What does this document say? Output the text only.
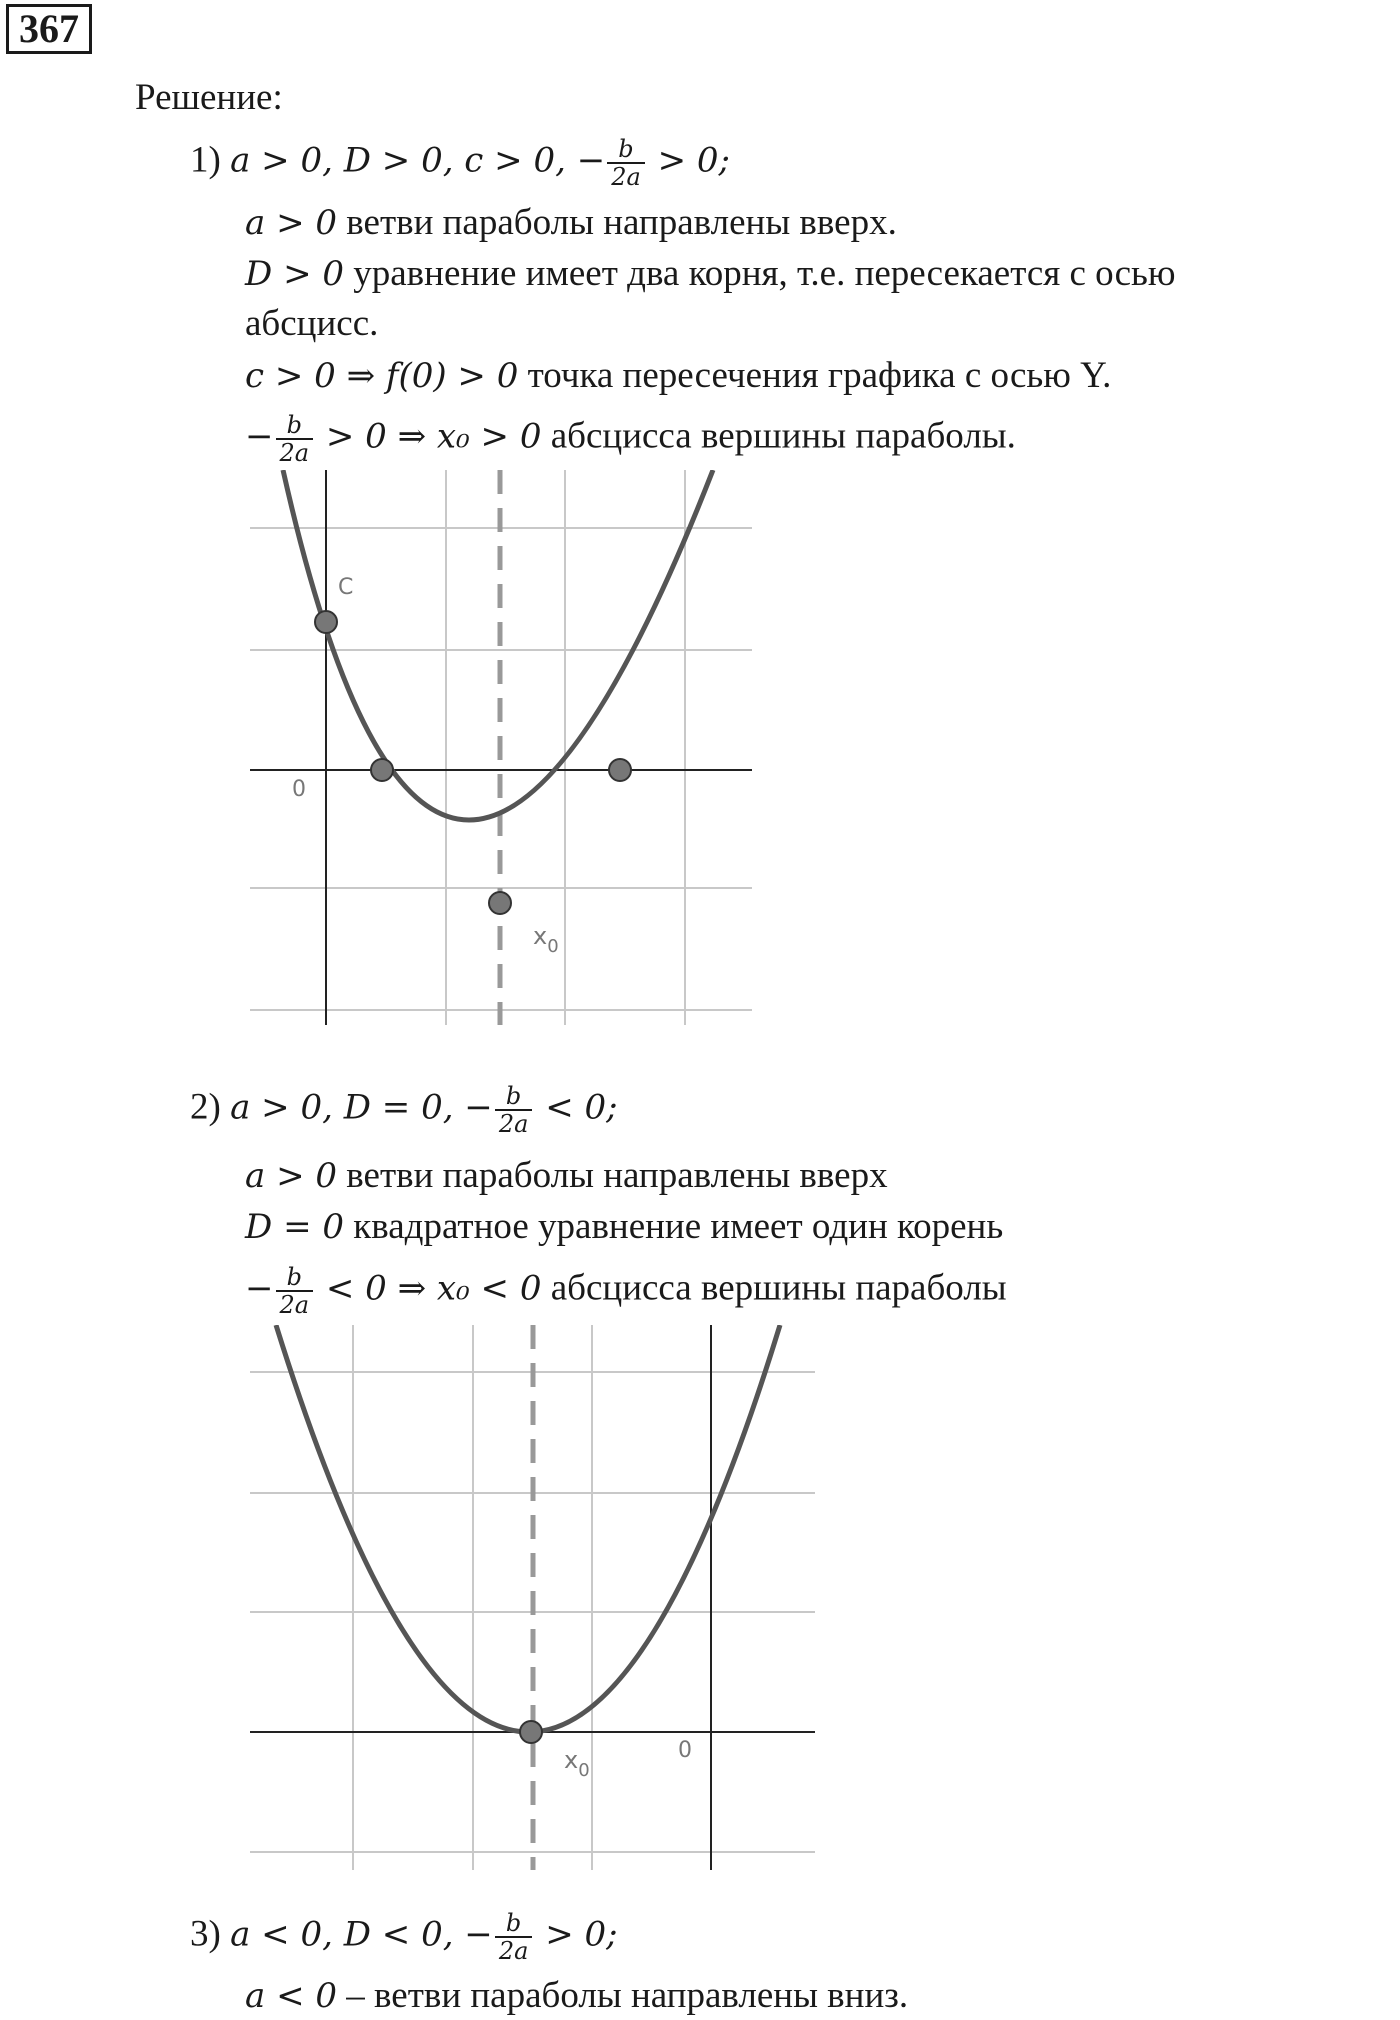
367
Решение:
1) a > 0, D > 0, c > 0, − $\frac{b}{2a} > 0$;
a > 0 ветви параболы направлены вверх.
D > 0 уравнение имеет два корня, т.е. пересекается с осью
абсцисс.
c > 0 ⇒ f(0) > 0 точка пересечения графика с осью Y.
− $\frac{b}{2a} > 0$ ⇒ x₀ > 0 абсцисса вершины параболы.
C
0
$x_0$
2) a > 0, D = 0, − $\frac{b}{2a} < 0$;
a > 0 ветви параболы направлены вверх
D = 0 квадратное уравнение имеет один корень
− $\frac{b}{2a} < 0$ ⇒ x₀ < 0 абсцисса вершины параболы
0
$x_0$
3) a < 0, D < 0, − $\frac{b}{2a} > 0$;
a < 0 – ветви параболы направлены вниз.
